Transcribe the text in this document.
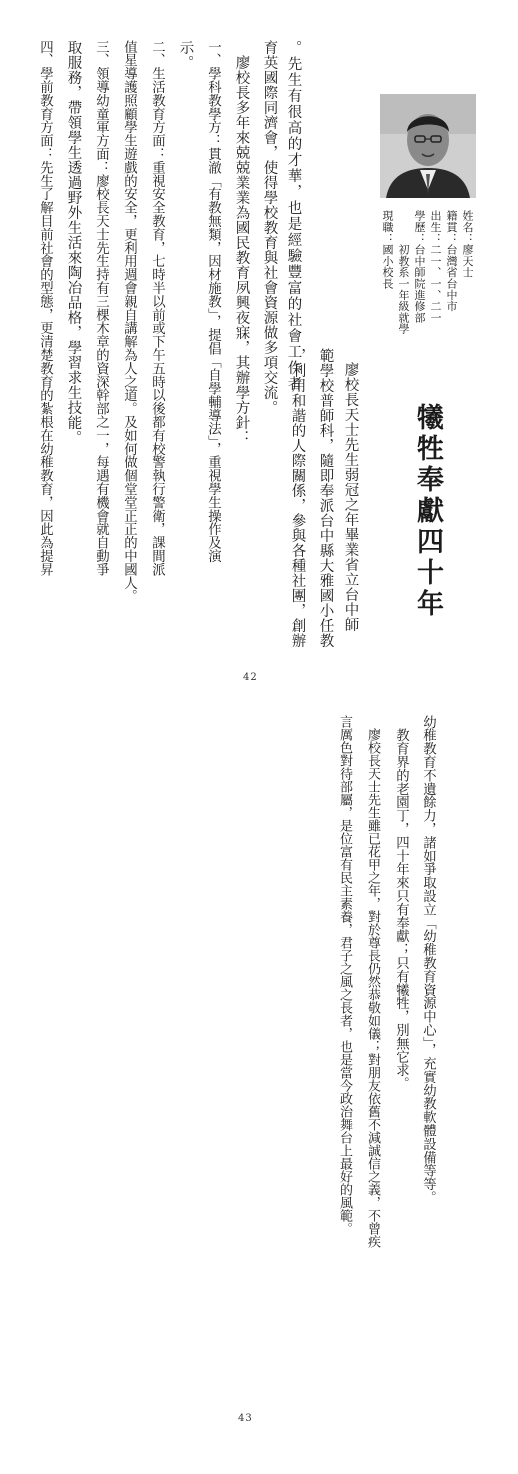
姓名：廖天士
籍貫：台灣省台中市
出生：二一、一、二一
學歷：台中師院進修部
　　　初教系一年級就學
現職：國小校長
犧牲奉獻四十年
廖校長天士先生弱冠之年畢業省立台中師
範學校普師科，隨即奉派台中縣大雅國小任教
，利用和諧的人際關係，參與各種社團，創辦
育英國際同濟會，使得學校教育與社會資源做多項交流。 。先生有很高的才華，也是經驗豐富的社會工作者
　廖校長多年來兢兢業業為國民教育夙興夜寐，其辦學方針：
一、學科教學方：貫澈「有教無類，因材施教」，提倡「自學輔導法」，重視學生操作及演
示。
二、生活教育方面：重視安全教育，七時半以前或下午五時以後都有校警執行警衛，課間派
值星導護照顧學生遊戲的安全，更利用週會親自講解為人之道。及如何做個堂堂正正的中國人。
三、領導幼童軍方面：廖校長天士先生持有三棵木章的資深幹部之一，每遇有機會就自動爭
取服務，帶領學生透過野外生活來陶冶品格，學習求生技能。
四、學前教育方面：先生了解目前社會的型態，更清楚教育的紮根在幼稚教育，因此為提昇
42
幼稚教育不遺餘力，諸如爭取設立「幼稚教育資源中心」，充實幼教軟體設備等等。
　教育界的老園丁，四十年來只有奉獻；只有犧牲，別無它求。
　廖校長天士先生雖已花甲之年，對於尊長仍然恭敬如儀；對朋友依舊不減誠信之義，不曾疾
言厲色對待部屬，是位富有民主素養，君子之風之長者，也是當今政治舞台上最好的風範。
43
